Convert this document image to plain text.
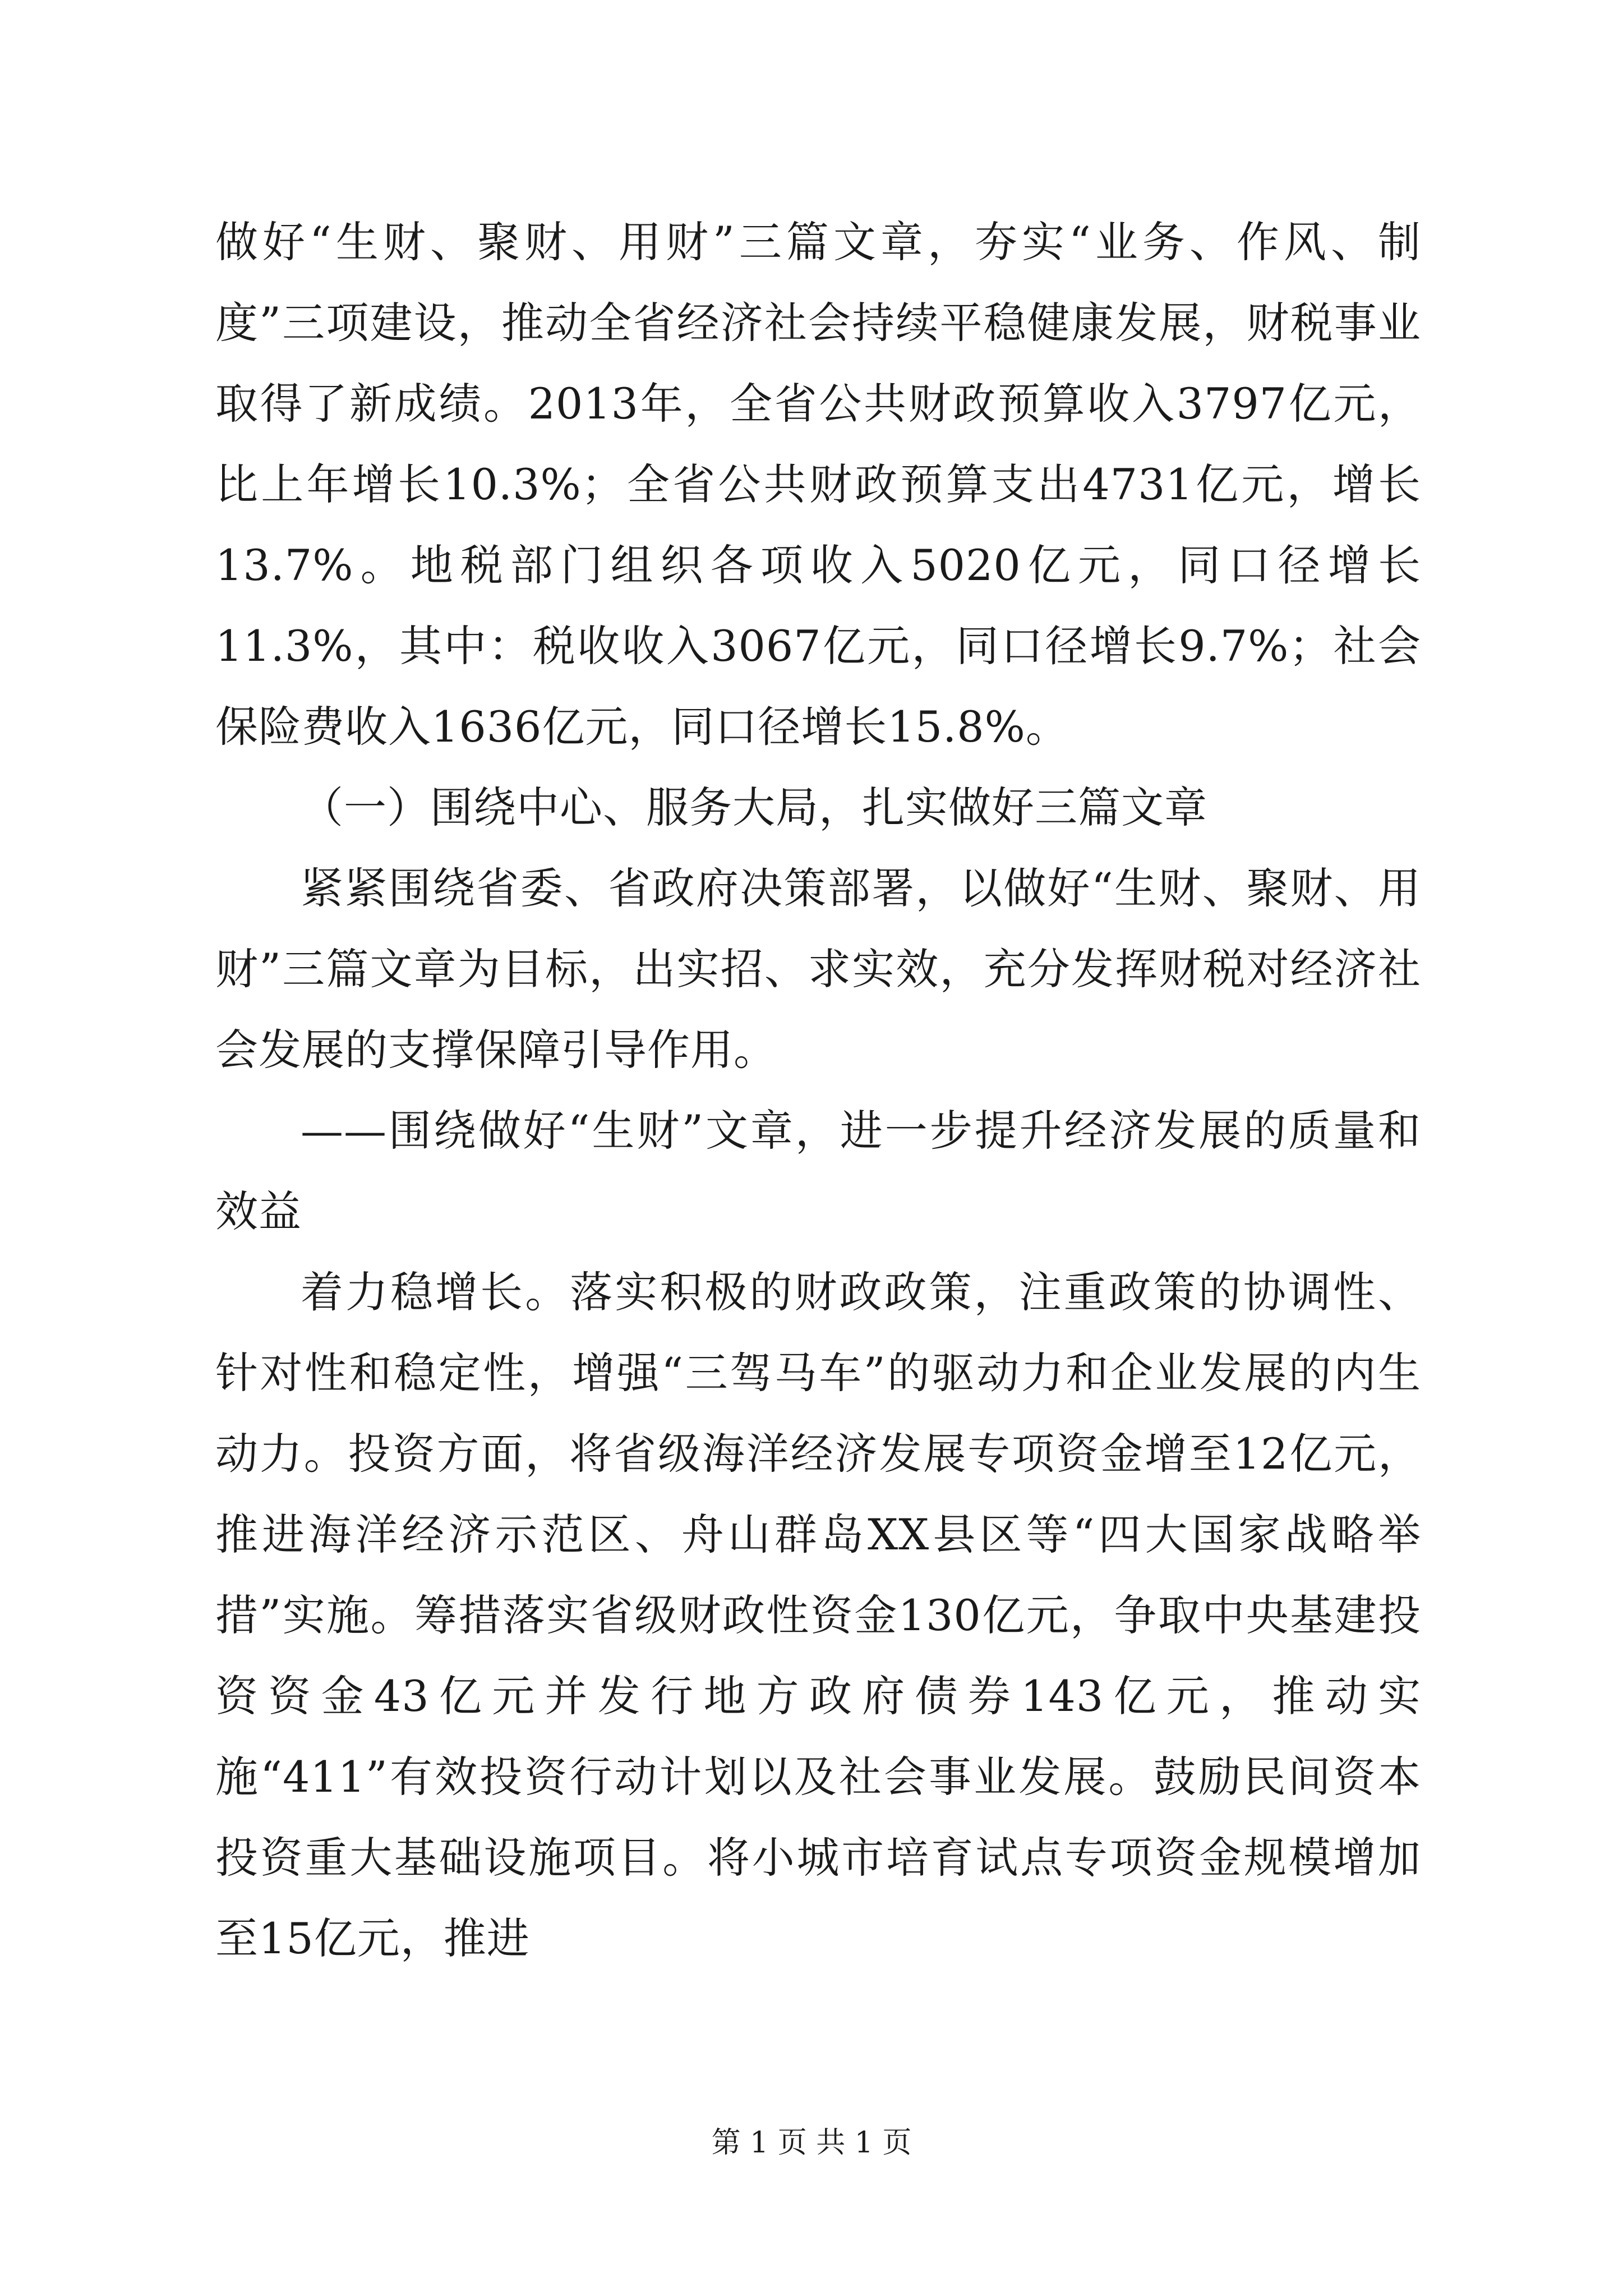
做好“生财、聚财、用财”三篇文章，夯实“业务、作风、制度”三项建设，推动全省经济社会持续平稳健康发展，财税事业取得了新成绩。2013年，全省公共财政预算收入3797亿元，比上年增长10.3%；全省公共财政预算支出4731亿元，增长13.7%。地税部门组织各项收入5020亿元，同口径增长11.3%，其中：税收收入3067亿元，同口径增长9.7%；社会保险费收入1636亿元，同口径增长15.8%。

（一）围绕中心、服务大局，扎实做好三篇文章

紧紧围绕省委、省政府决策部署，以做好“生财、聚财、用财”三篇文章为目标，出实招、求实效，充分发挥财税对经济社会发展的支撑保障引导作用。

——围绕做好“生财”文章，进一步提升经济发展的质量和效益

着力稳增长。落实积极的财政政策，注重政策的协调性、针对性和稳定性，增强“三驾马车”的驱动力和企业发展的内生动力。投资方面，将省级海洋经济发展专项资金增至12亿元，推进海洋经济示范区、舟山群岛XX县区等“四大国家战略举措”实施。筹措落实省级财政性资金130亿元，争取中央基建投资资金43亿元并发行地方政府债券143亿元，推动实施“411”有效投资行动计划以及社会事业发展。鼓励民间资本投资重大基础设施项目。将小城市培育试点专项资金规模增加至15亿元，推进

第 1 页 共 1 页
